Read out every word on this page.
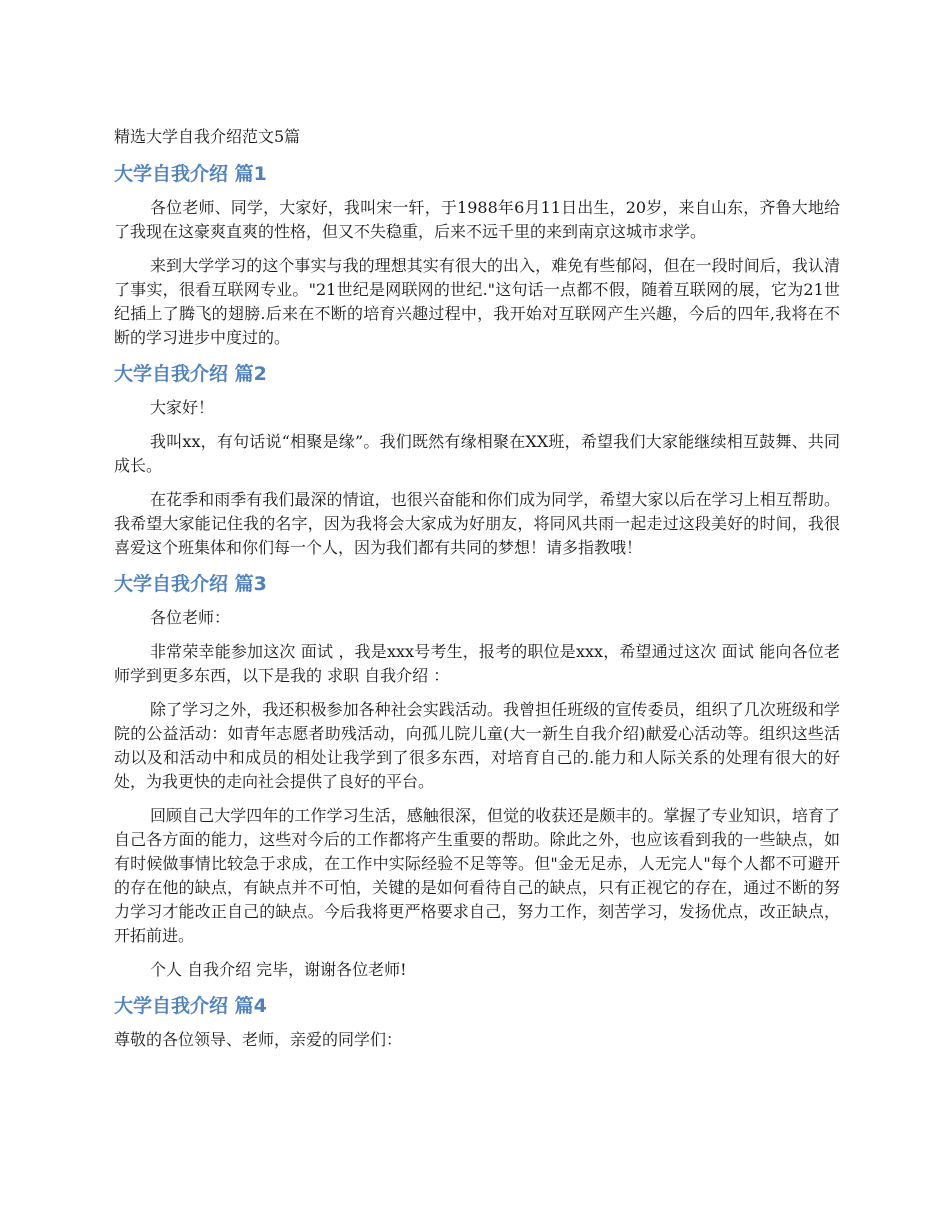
精选大学自我介绍范文5篇
大学自我介绍 篇1

各位老师、同学，大家好，我叫宋一轩，于1988年6月11日出生，20岁，来自山东，齐鲁大地给了我现在这豪爽直爽的性格，但又不失稳重，后来不远千里的来到南京这城市求学。

来到大学学习的这个事实与我的理想其实有很大的出入，难免有些郁闷，但在一段时间后，我认清了事实，很看互联网专业。"21世纪是网联网的世纪."这句话一点都不假，随着互联网的展，它为21世纪插上了腾飞的翅膀.后来在不断的培育兴趣过程中，我开始对互联网产生兴趣，今后的四年,我将在不断的学习进步中度过的。

大学自我介绍 篇2

大家好！

我叫xx，有句话说“相聚是缘”。我们既然有缘相聚在XX班，希望我们大家能继续相互鼓舞、共同成长。

在花季和雨季有我们最深的情谊，也很兴奋能和你们成为同学，希望大家以后在学习上相互帮助。我希望大家能记住我的名字，因为我将会大家成为好朋友，将同风共雨一起走过这段美好的时间，我很喜爱这个班集体和你们每一个人，因为我们都有共同的梦想！请多指教哦！

大学自我介绍 篇3

各位老师：

非常荣幸能参加这次 面试 ，我是xxx号考生，报考的职位是xxx，希望通过这次 面试 能向各位老师学到更多东西，以下是我的 求职 自我介绍 ：

除了学习之外，我还积极参加各种社会实践活动。我曾担任班级的宣传委员，组织了几次班级和学院的公益活动：如青年志愿者助残活动，向孤儿院儿童(大一新生自我介绍)献爱心活动等。组织这些活动以及和活动中和成员的相处让我学到了很多东西，对培育自己的.能力和人际关系的处理有很大的好处，为我更快的走向社会提供了良好的平台。

回顾自己大学四年的工作学习生活，感触很深，但觉的收获还是颇丰的。掌握了专业知识，培育了自己各方面的能力，这些对今后的工作都将产生重要的帮助。除此之外，也应该看到我的一些缺点，如有时候做事情比较急于求成，在工作中实际经验不足等等。但"金无足赤，人无完人"每个人都不可避开的存在他的缺点，有缺点并不可怕，关键的是如何看待自己的缺点，只有正视它的存在，通过不断的努力学习才能改正自己的缺点。今后我将更严格要求自己，努力工作，刻苦学习，发扬优点，改正缺点，开拓前进。

个人 自我介绍 完毕，谢谢各位老师!

大学自我介绍 篇4

尊敬的各位领导、老师，亲爱的同学们：
